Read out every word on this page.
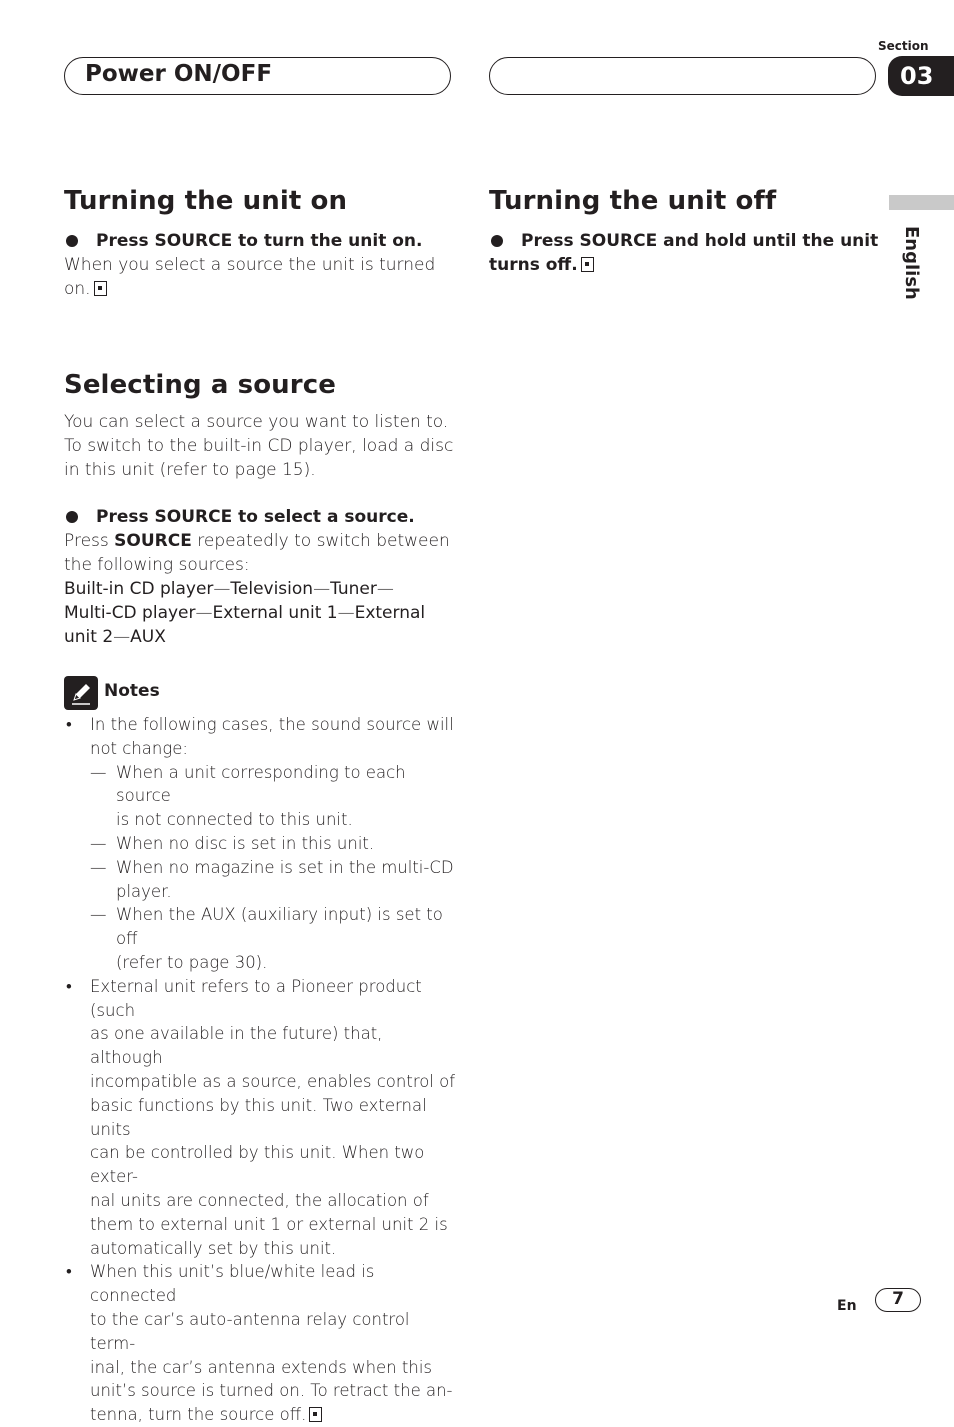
Section
Power ON/OFF	03
English
Turning the unit on
Press SOURCE to turn the unit on.
When you select a source the unit is turned
on.
Turning the unit off
Press SOURCE and hold until the unit
turns off.
Selecting a source
You can select a source you want to listen to.
To switch to the built-in CD player, load a disc
in this unit (refer to page 15).
Press SOURCE to select a source.
Press SOURCE repeatedly to switch between
the following sources:
Built-in CD player—Television—Tuner—
Multi-CD player—External unit 1—External
unit 2—AUX
Notes
• In the following cases, the sound source will
not change:
— When a unit corresponding to each source
is not connected to this unit.
— When no disc is set in this unit.
— When no magazine is set in the multi-CD
player.
— When the AUX (auxiliary input) is set to off
(refer to page 30).
• External unit refers to a Pioneer product (such
as one available in the future) that, although
incompatible as a source, enables control of
basic functions by this unit. Two external units
can be controlled by this unit. When two exter-
nal units are connected, the allocation of
them to external unit 1 or external unit 2 is
automatically set by this unit.
• When this unit’s blue/white lead is connected
to the car’s auto-antenna relay control term-
inal, the car’s antenna extends when this
unit’s source is turned on. To retract the an-
tenna, turn the source off.
En	7
